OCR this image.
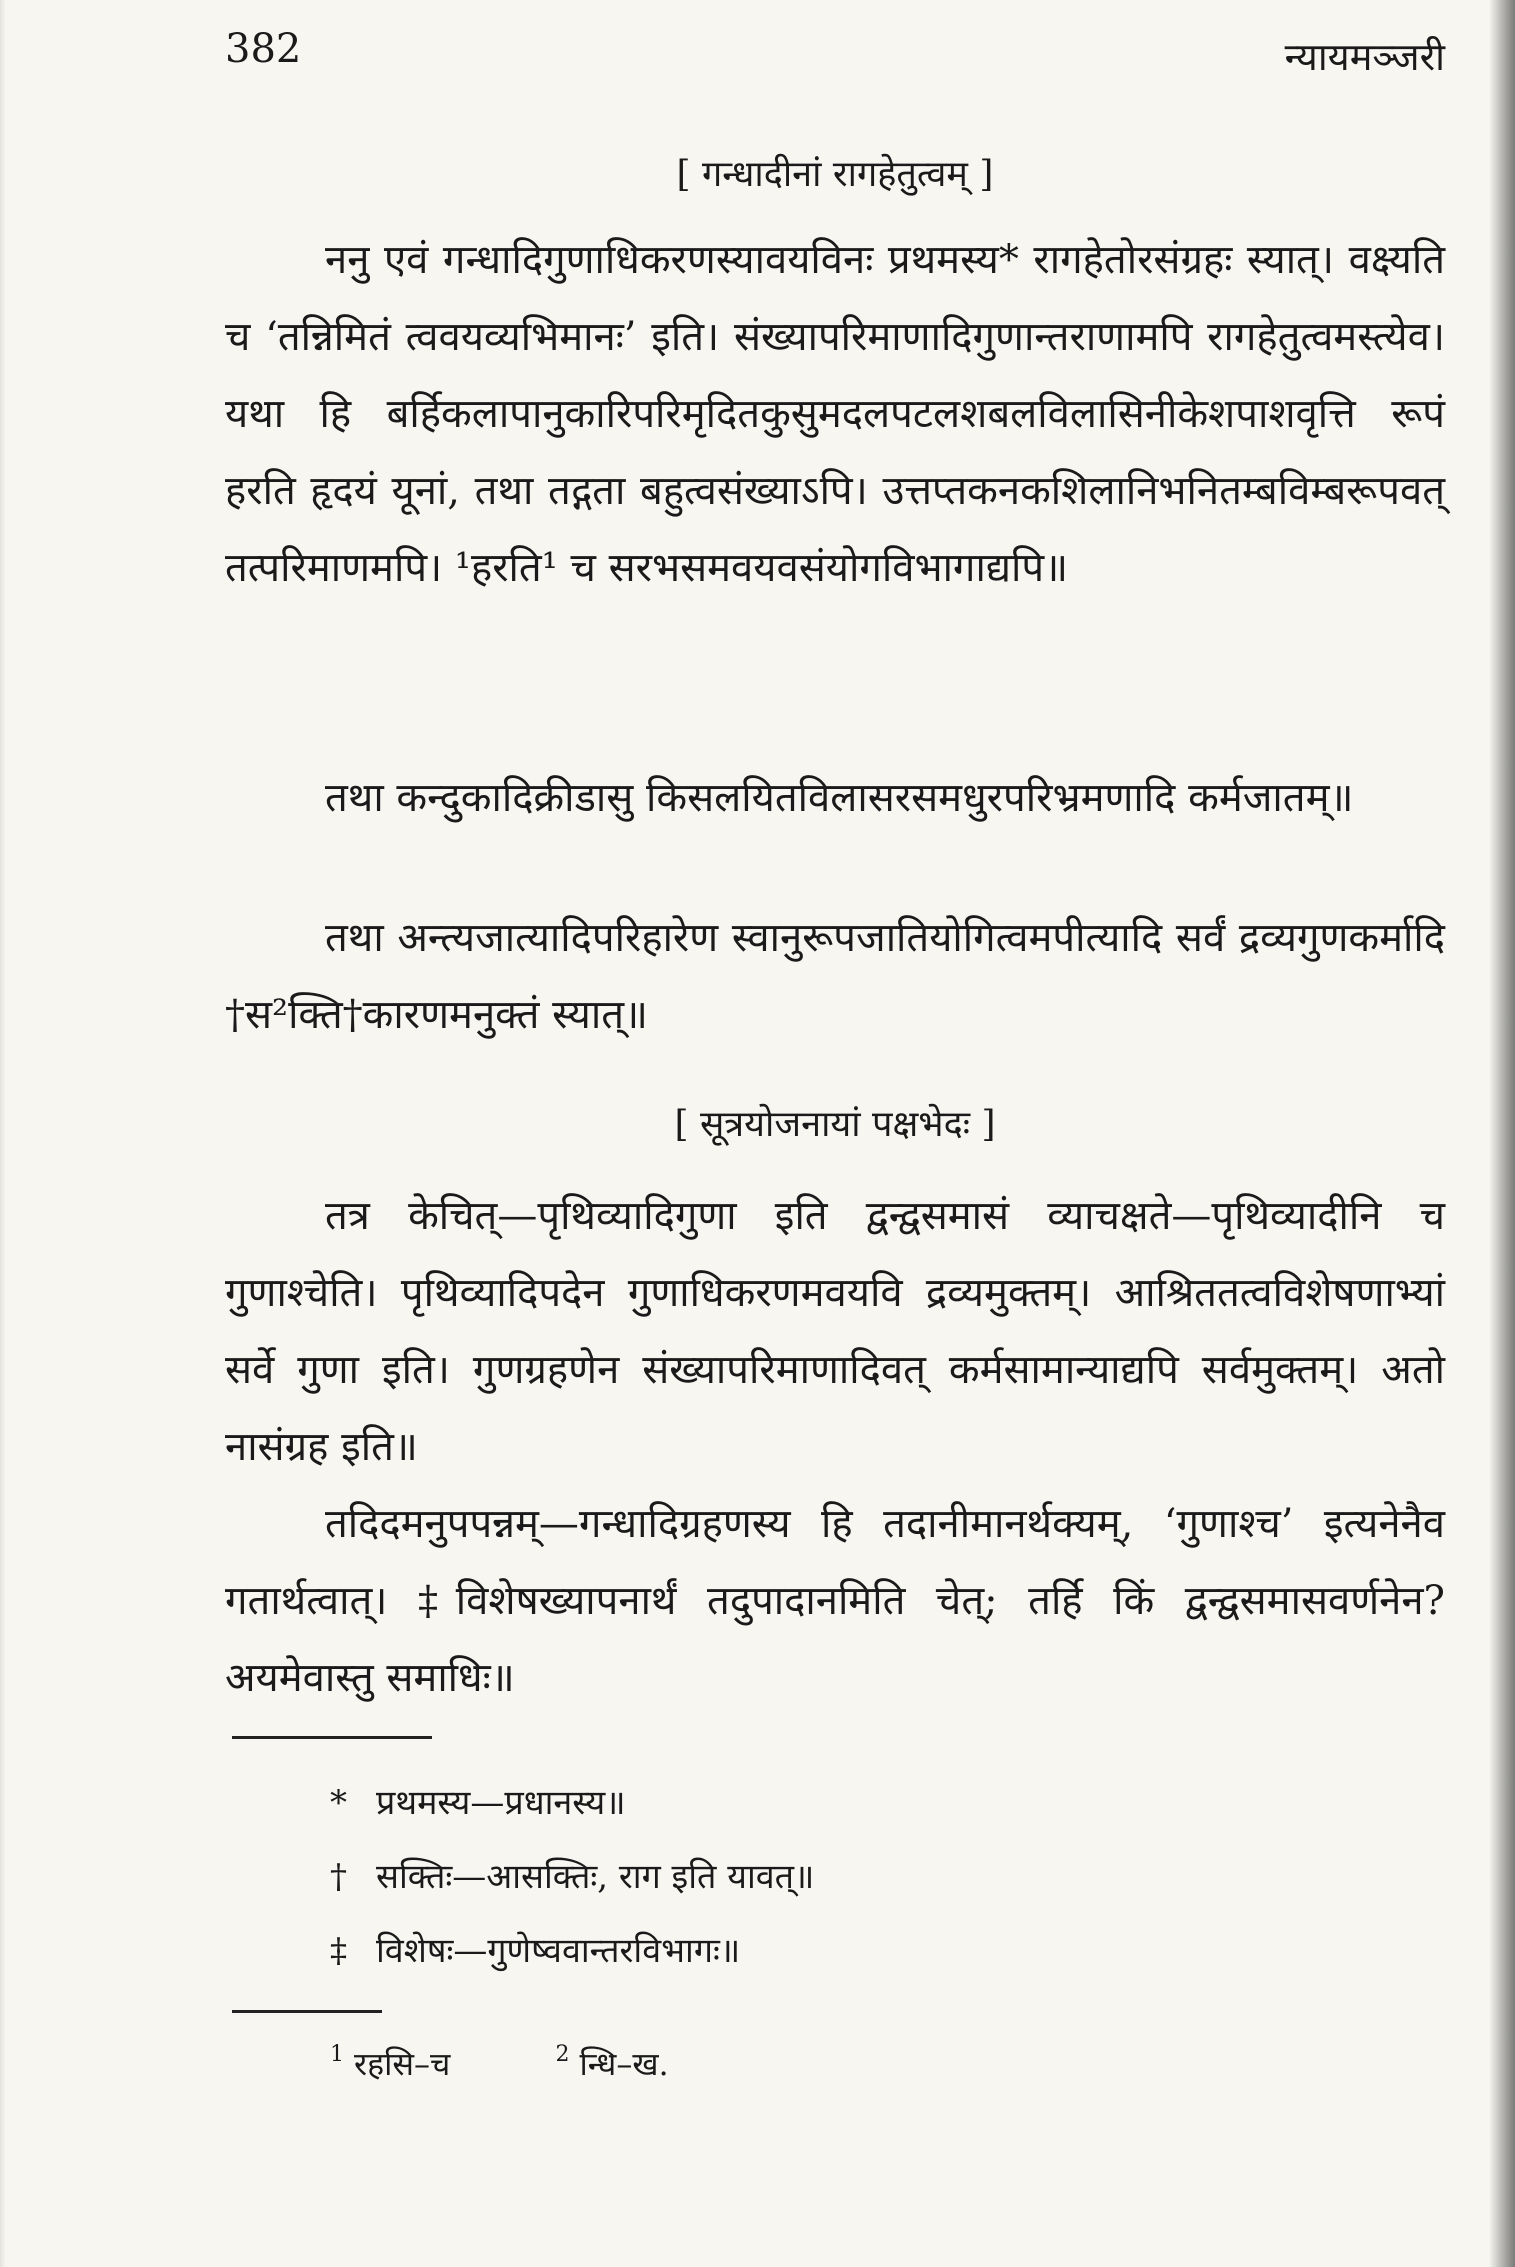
382	न्यायमञ्जरी
[ गन्धादीनां रागहेतुत्वम् ]

ननु एवं गन्धादिगुणाधिकरणस्यावयविनः प्रथमस्य* रागहेतोरसंग्रहः स्यात्। वक्ष्यति च ‘तन्निमितं त्ववयव्यभिमानः’ इति। संख्यापरिमाणादिगुणान्तराणामपि रागहेतुत्वमस्त्येव। यथा हि बर्हिकलापानुकारिपरिमृदितकुसुमदलपटलशबलविलासिनीकेशपाशवृत्ति रूपं हरति हृदयं यूनां, तथा तद्गता बहुत्वसंख्याऽपि। उत्तप्तकनकशिलानिभनितम्बविम्बरूपवत् तत्परिमाणमपि। ¹हरति¹ च सरभसमवयवसंयोगविभागाद्यपि॥

तथा कन्दुकादिक्रीडासु किसलयितविलासरसमधुरपरिभ्रमणादि कर्मजातम्॥

तथा अन्त्यजात्यादिपरिहारेण स्वानुरूपजातियोगित्वमपीत्यादि सर्वं द्रव्यगुणकर्मादि †स²क्ति†कारणमनुक्तं स्यात्॥

[ सूत्रयोजनायां पक्षभेदः ]

तत्र केचित्—पृथिव्यादिगुणा इति द्वन्द्वसमासं व्याचक्षते—पृथिव्यादीनि च गुणाश्चेति। पृथिव्यादिपदेन गुणाधिकरणमवयवि द्रव्यमुक्तम्। आश्रिततत्वविशेषणाभ्यां सर्वे गुणा इति। गुणग्रहणेन संख्यापरिमाणादिवत् कर्मसामान्याद्यपि सर्वमुक्तम्। अतो नासंग्रह इति॥

तदिदमनुपपन्नम्—गन्धादिग्रहणस्य हि तदानीमानर्थक्यम्, ‘गुणाश्च’ इत्यनेनैव गतार्थत्वात्। ‡विशेषख्यापनार्थं तदुपादानमिति चेत्; तर्हि किं द्वन्द्वसमासवर्णनेन? अयमेवास्तु समाधिः॥

* प्रथमस्य—प्रधानस्य॥
† सक्तिः—आसक्तिः, राग इति यावत्॥
‡ विशेषः—गुणेष्ववान्तरविभागः॥
$^1$ रहसि–च	$^2$ न्धि–ख.
